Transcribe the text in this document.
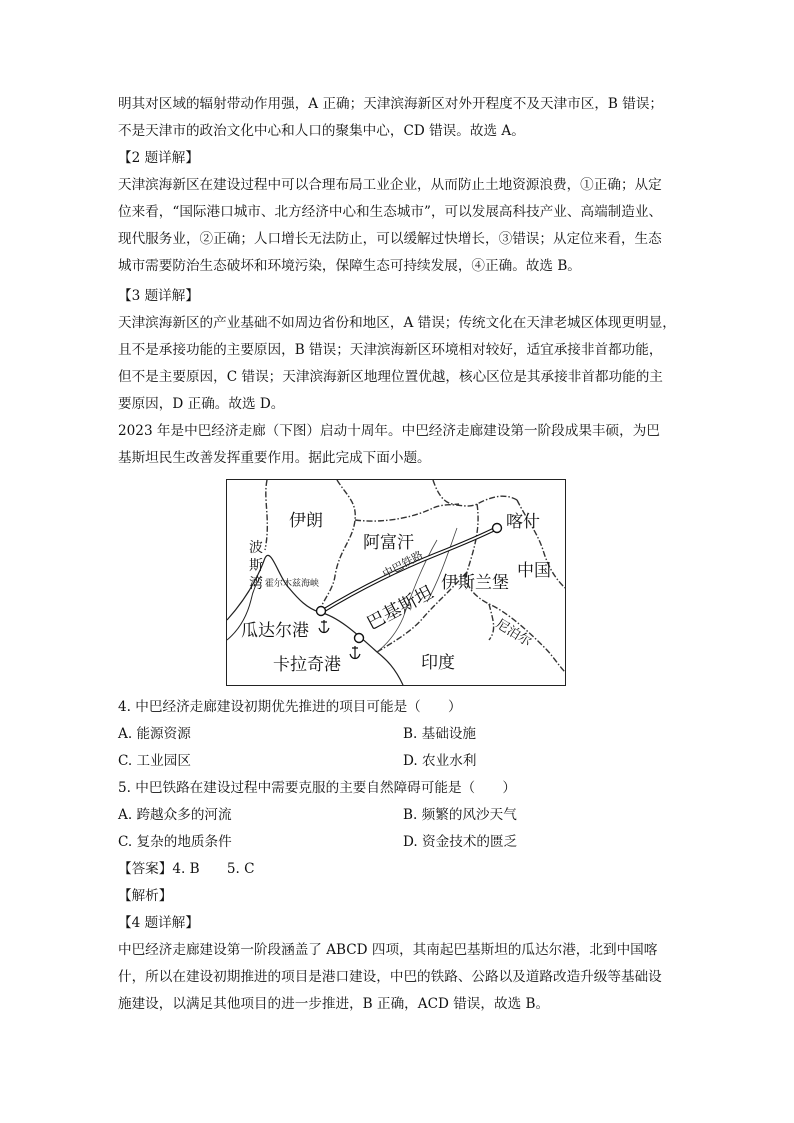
明其对区域的辐射带动作用强，A 正确；天津滨海新区对外开程度不及天津市区，B 错误；
不是天津市的政治文化中心和人口的聚集中心，CD 错误。故选 A。
【2 题详解】
天津滨海新区在建设过程中可以合理布局工业企业，从而防止土地资源浪费，①正确；从定
位来看，“国际港口城市、北方经济中心和生态城市”，可以发展高科技产业、高端制造业、
现代服务业，②正确；人口增长无法防止，可以缓解过快增长，③错误；从定位来看，生态
城市需要防治生态破坏和环境污染，保障生态可持续发展，④正确。故选 B。
【3 题详解】
天津滨海新区的产业基础不如周边省份和地区，A 错误；传统文化在天津老城区体现更明显，
且不是承接功能的主要原因，B 错误；天津滨海新区环境相对较好，适宜承接非首都功能，
但不是主要原因，C 错误；天津滨海新区地理位置优越，核心区位是其承接非首都功能的主
要原因，D 正确。故选 D。
2023 年是中巴经济走廊（下图）启动十周年。中巴经济走廊建设第一阶段成果丰硕，为巴
基斯坦民生改善发挥重要作用。据此完成下面小题。
伊朗
阿富汗
喀什
中国
波
斯
湾 霍尔木兹海峡
中巴铁路
伊斯兰堡
巴基斯坦
瓜达尔港
卡拉奇港	印度
尼泊尔
4. 中巴经济走廊建设初期优先推进的项目可能是（　　）
A. 能源资源	B. 基础设施
C. 工业园区	D. 农业水利
5. 中巴铁路在建设过程中需要克服的主要自然障碍可能是（　　）
A. 跨越众多的河流	B. 频繁的风沙天气
C. 复杂的地质条件	D. 资金技术的匮乏
【答案】4. B　　5. C
【解析】
【4 题详解】
中巴经济走廊建设第一阶段涵盖了 ABCD 四项，其南起巴基斯坦的瓜达尔港，北到中国喀
什，所以在建设初期推进的项目是港口建设，中巴的铁路、公路以及道路改造升级等基础设
施建设，以满足其他项目的进一步推进，B 正确，ACD 错误，故选 B。
